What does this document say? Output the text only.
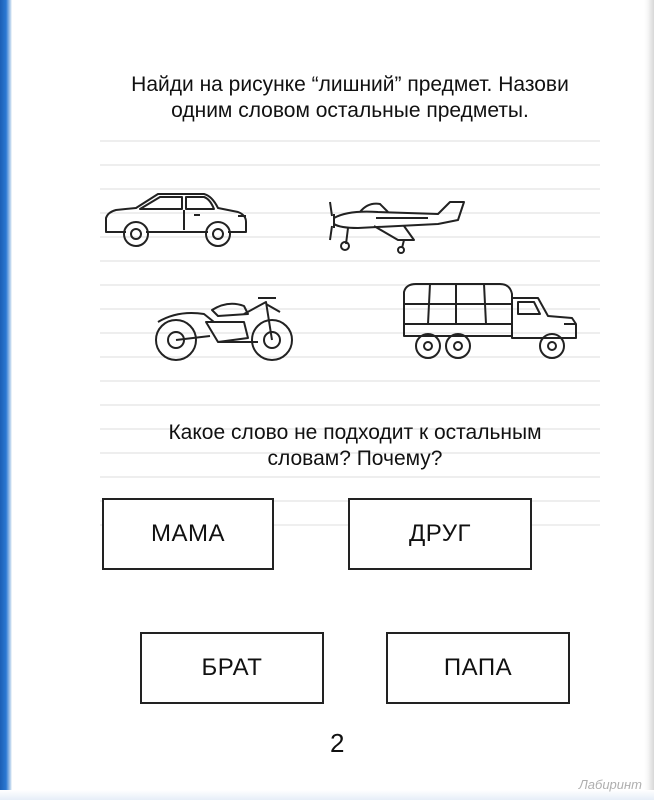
Найди на рисунке “лишний” предмет. Назови

одним словом остальные предметы.

Какое слово не подходит к остальным

словам? Почему?

МАМА	ДРУГ
БРАТ	ПАПА
2
Лабиринт
